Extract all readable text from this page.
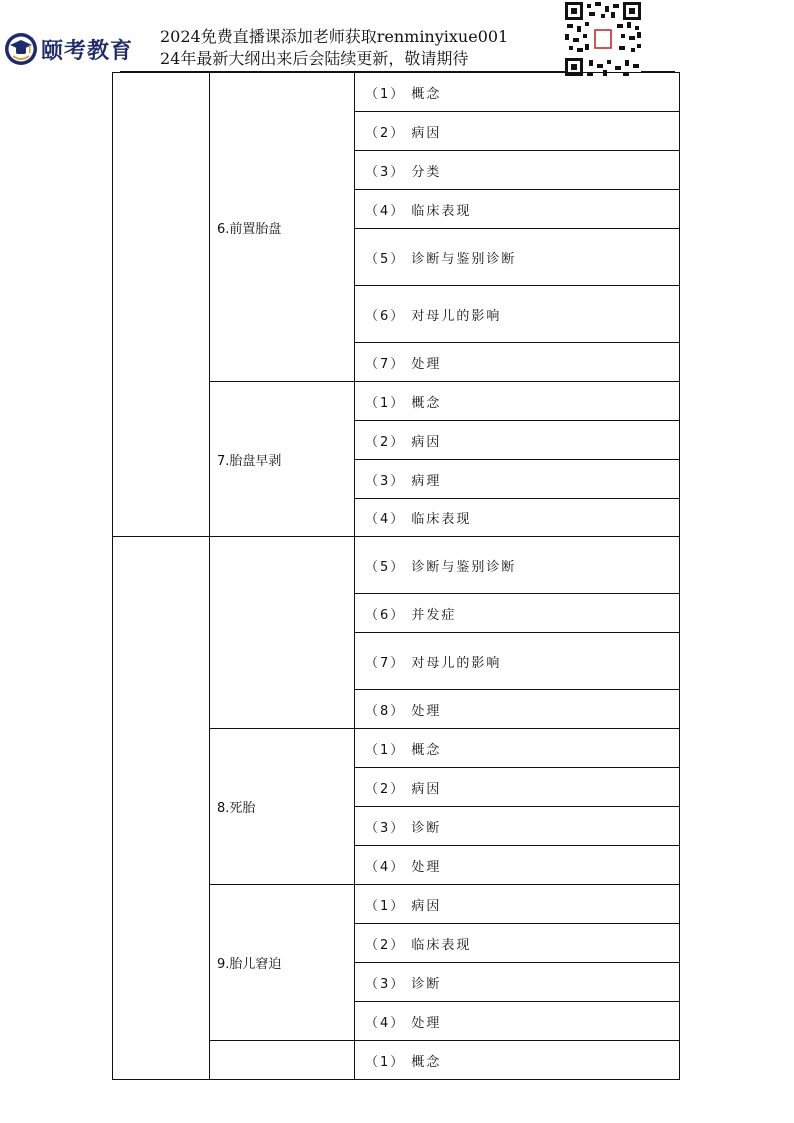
颐考教育
2024免费直播课添加老师获取renminyixue001
24年最新大纲出来后会陆续更新，敬请期待
	6.前置胎盘	（1） 概念
		（2） 病因
		（3） 分类
		（4） 临床表现
		（5） 诊断与鉴别诊断
		（6） 对母儿的影响
		（7） 处理
	7.胎盘早剥	（1） 概念
		（2） 病因
		（3） 病理
		（4） 临床表现
		（5） 诊断与鉴别诊断
		（6） 并发症
		（7） 对母儿的影响
		（8） 处理
	8.死胎	（1） 概念
		（2） 病因
		（3） 诊断
		（4） 处理
	9.胎儿窘迫	（1） 病因
		（2） 临床表现
		（3） 诊断
		（4） 处理
		（1） 概念
